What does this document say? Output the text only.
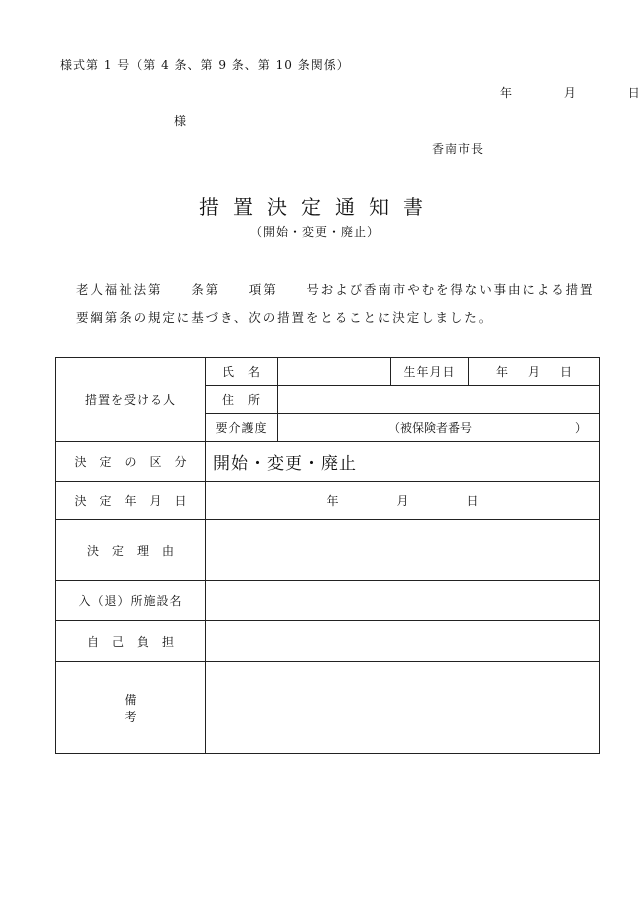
様式第 1 号（第 4 条、第 9 条、第 10 条関係）
年	月	日
様
香南市長
措置決定通知書
（開始・変更・廃止）
老人福祉法第　　条第　　項第　　号および香南市やむを得ない事由による措置
要綱第条の規定に基づき、次の措置をとることに決定しました。
措置を受ける人	氏　名		生年月日	年 月 日

	住　所			
	要介護度	（被保険者番号 ）		

決定の区分	開始・変更・廃止			
決定年月日	年 月 日			

決定理由				
入（退）所施設名				
自己負担				
備考				
